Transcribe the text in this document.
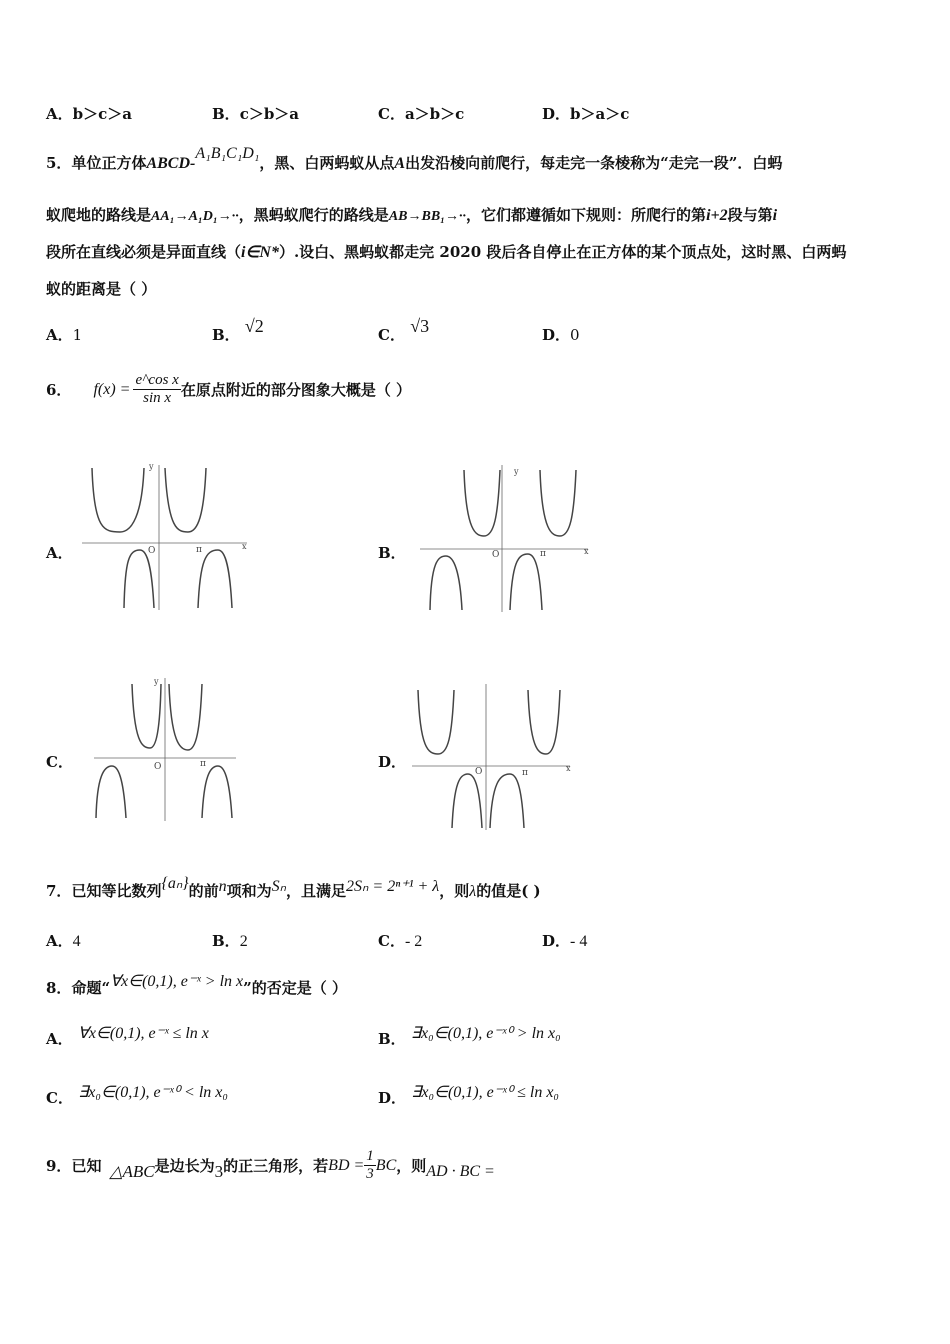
A．b＞c＞a	B．c＞b＞a	C．a＞b＞c	D．b＞a＞c
5．单位正方体ABCD-A₁B₁C₁D₁，黑、白两蚂蚁从点A出发沿棱向前爬行，每走完一条棱称为“走完一段”．白蚂
蚁爬地的路线是AA₁→A₁D₁→··，黑蚂蚁爬行的路线是AB→BB₁→··，它们都遵循如下规则：所爬行的第i+2段与第i
段所在直线必须是异面直线（i∈N*）.设白、黑蚂蚁都走完 2020 段后各自停止在正方体的某个顶点处，这时黑、白两蚂
蚁的距离是（ ）
A．1	B． √2	C． √3	D．0
6． $f(x) = \frac{\text{e\textasciicircum{}cos x}}{\text{sin x}}$ 在原点附近的部分图象大概是（ ）
A．	B．
C．	D．
x
y
O	π	x
y
O	π
y
O	π	x
O	π
7．已知等比数列{aₙ}的前n项和为Sₙ，且满足2Sₙ = 2ⁿ⁺¹ + λ，则λ的值是( )
A．4	B．2	C．- 2	D．- 4
8．命题“∀x∈(0,1), e⁻ˣ > ln x”的否定是（ ）
A． ∀x∈(0,1), e⁻ˣ ≤ ln x	B． ∃x₀∈(0,1), e⁻ˣ⁰ > ln x₀
C． ∃x₀∈(0,1), e⁻ˣ⁰ < ln x₀	D． ∃x₀∈(0,1), e⁻ˣ⁰ ≤ ln x₀
9． 已知 △ABC 是边长为 3 的正三角形，若 BD = $\frac{1}{3}$ BC ，则 AD · BC =
